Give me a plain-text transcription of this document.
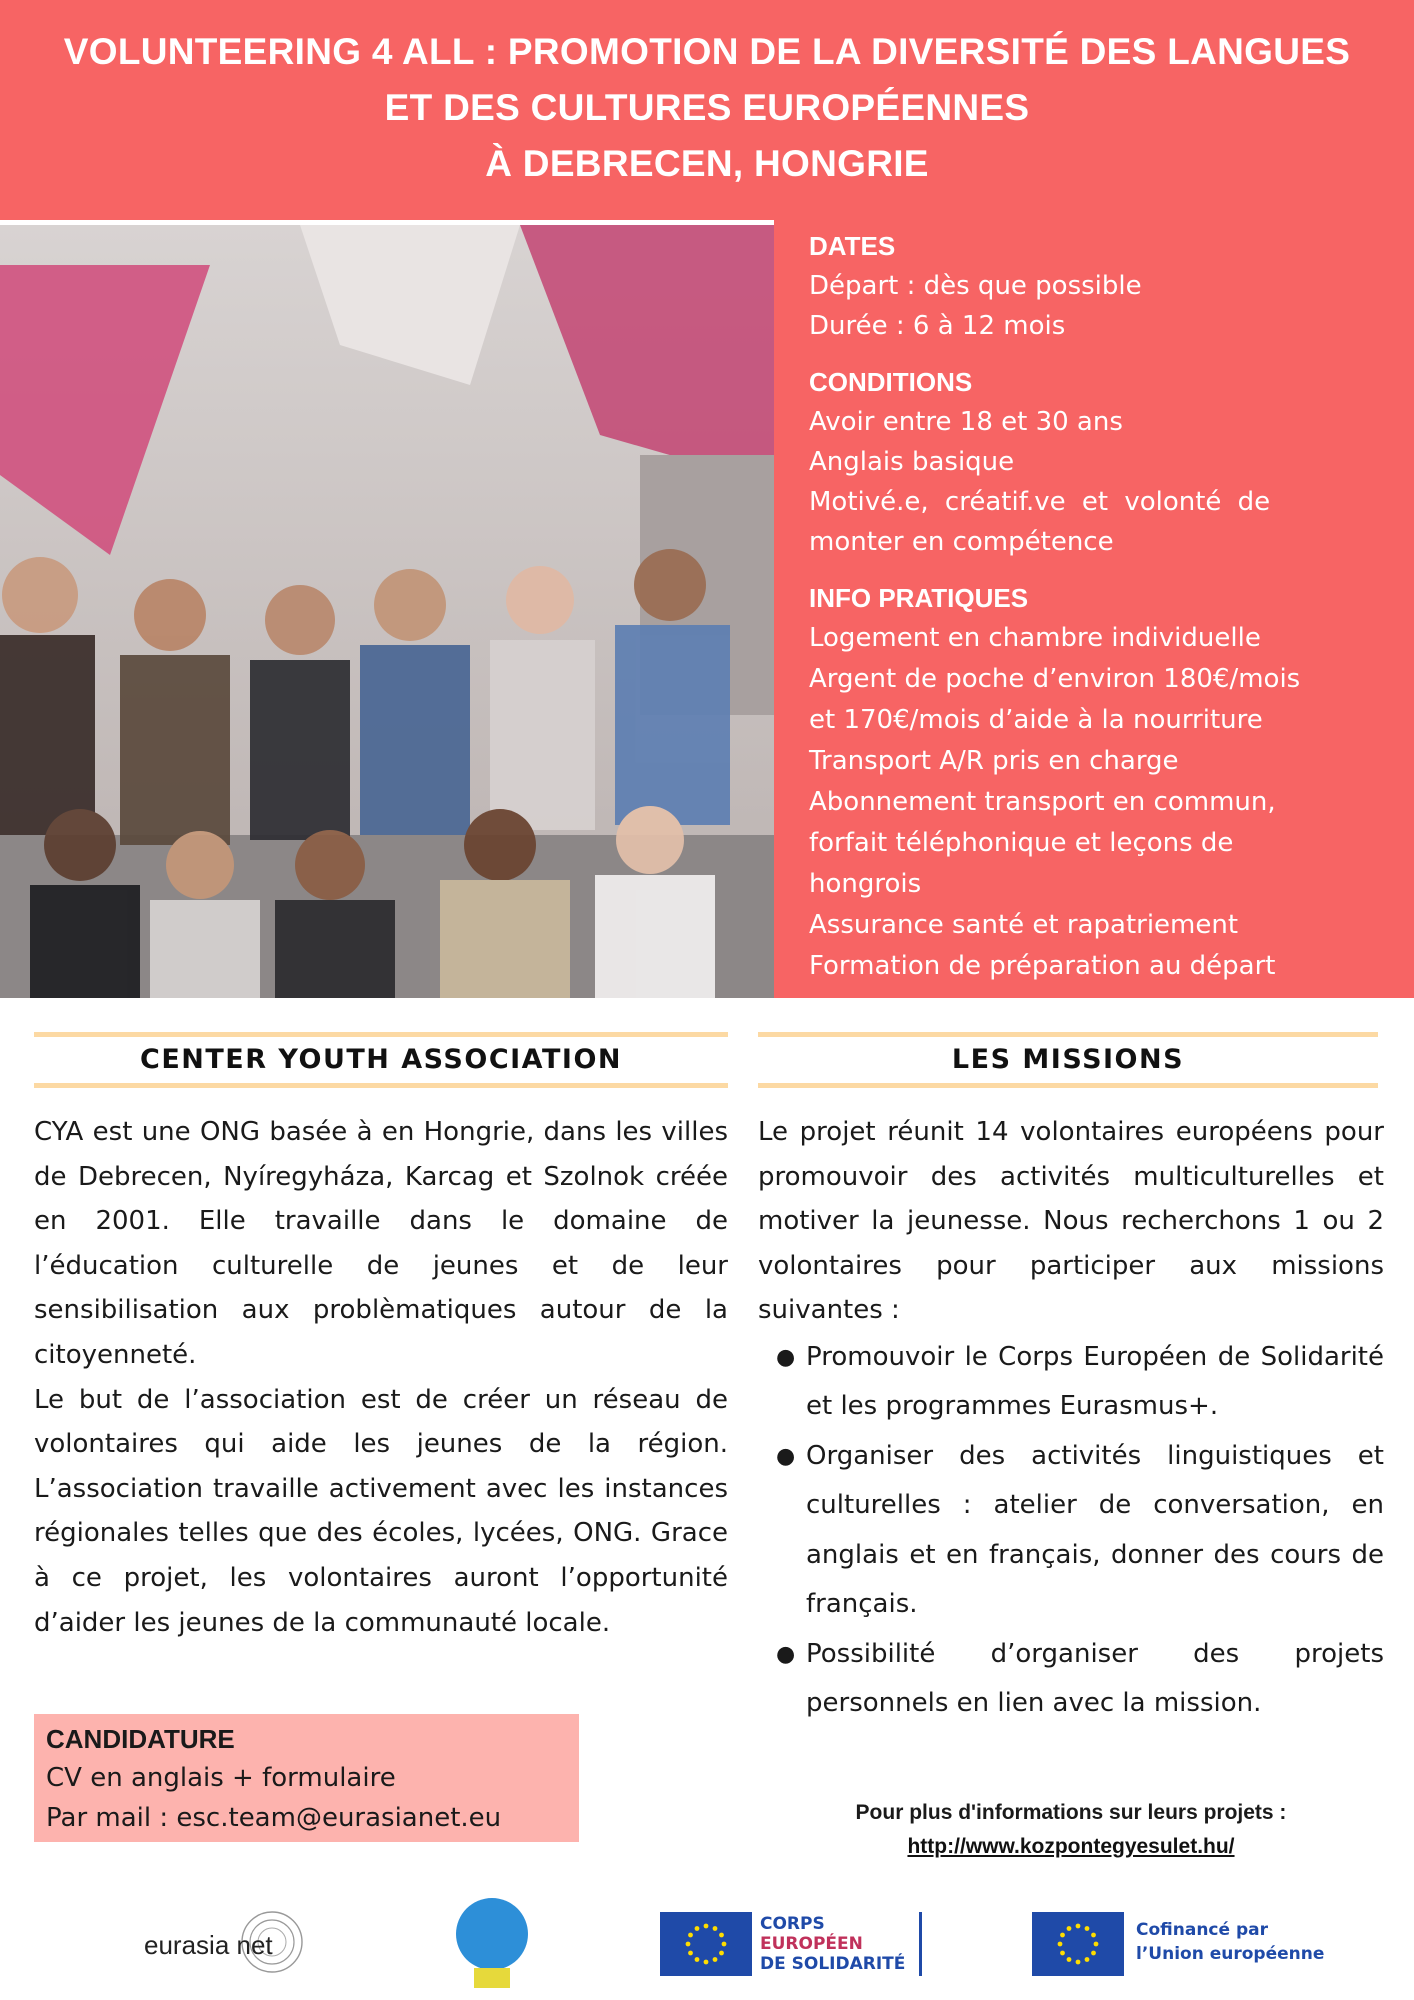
VOLUNTEERING 4 ALL : PROMOTION DE LA DIVERSITÉ DES LANGUES
ET DES CULTURES EUROPÉENNES
À DEBRECEN, HONGRIE
DATES
Départ : dès que possible
Durée : 6 à 12 mois
CONDITIONS
Avoir entre 18 et 30 ans
Anglais basique
Motivé.e, créatif.ve et volonté de
monter en compétence
INFO PRATIQUES
Logement en chambre individuelle
Argent de poche d’environ 180€/mois
et 170€/mois d’aide à la nourriture
Transport A/R pris en charge
Abonnement transport en commun,
forfait téléphonique et leçons de
hongrois
Assurance santé et rapatriement
Formation de préparation au départ
CENTER YOUTH ASSOCIATION	LES MISSIONS

CYA est une ONG basée à en Hongrie, dans les villes de Debrecen, Nyíregyháza, Karcag et Szolnok créée en 2001. Elle travaille dans le domaine de l’éducation culturelle de jeunes et de leur sensibilisation aux problèmatiques autour de la citoyenneté.

Le but de l’association est de créer un réseau de volontaires qui aide les jeunes de la région. L’association travaille activement avec les instances régionales telles que des écoles, lycées, ONG. Grace à ce projet, les volontaires auront l’opportunité d’aider les jeunes de la communauté locale.

Le projet réunit 14 volontaires européens pour promouvoir des activités multiculturelles et motiver la jeunesse. Nous recherchons 1 ou 2 volontaires pour participer aux missions suivantes :

● Promouvoir le Corps Européen de Solidarité et les programmes Eurasmus+.
● Organiser des activités linguistiques et culturelles : atelier de conversation, en anglais et en français, donner des cours de français.
● Possibilité d’organiser des projets personnels en lien avec la mission.
Pour plus d'informations sur leurs projets :
http://www.kozpontegyesulet.hu/
CANDIDATURE
CV en anglais + formulaire
Par mail : esc.team@eurasianet.eu
eurasia net
CORPS
EUROPÉEN
DE SOLIDARITÉ
Cofinancé par
l’Union européenne
